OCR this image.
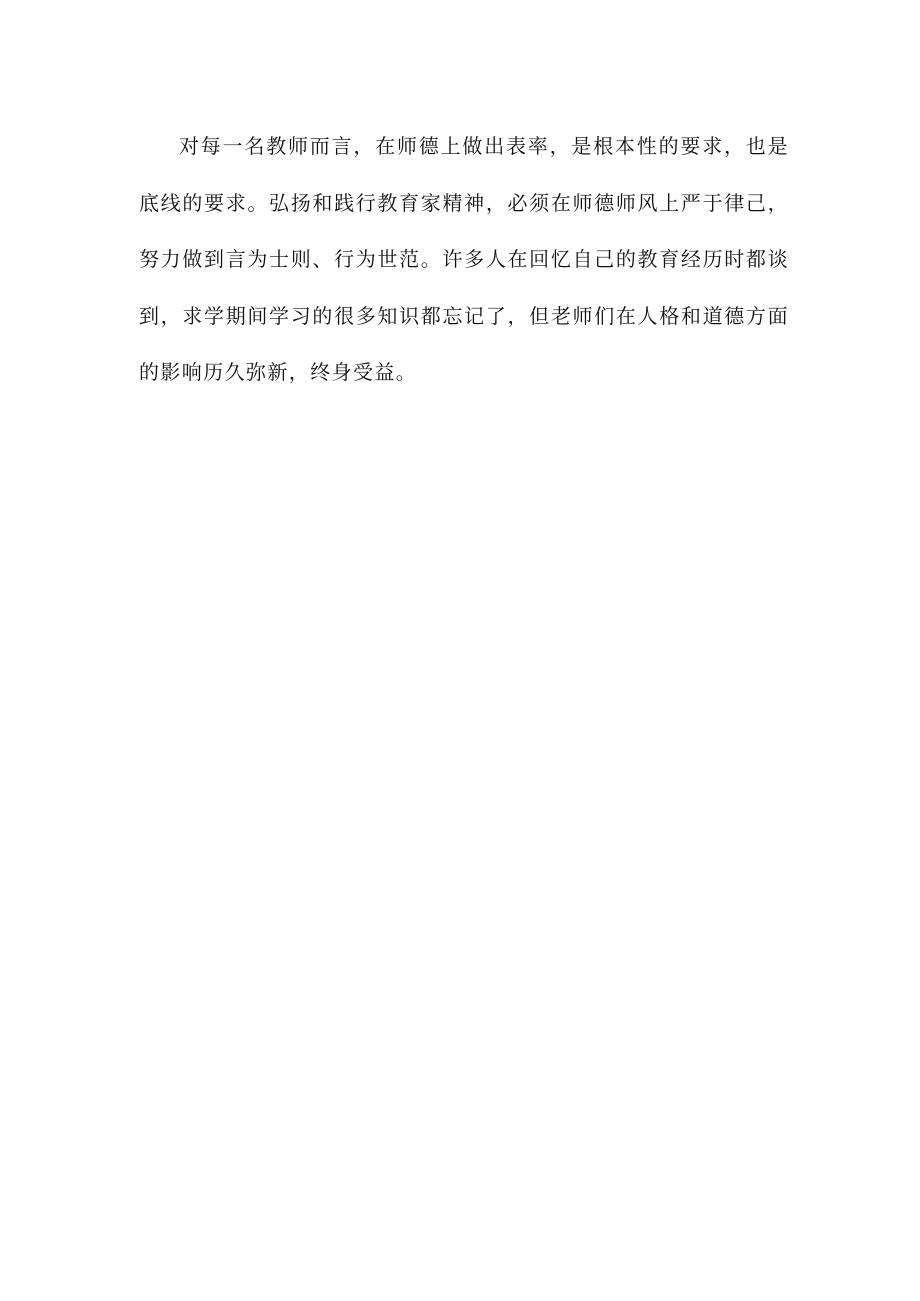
对每一名教师而言，在师德上做出表率，是根本性的要求，也是底线的要求。弘扬和践行教育家精神，必须在师德师风上严于律己，努力做到言为士则、行为世范。许多人在回忆自己的教育经历时都谈到，求学期间学习的很多知识都忘记了，但老师们在人格和道德方面的影响历久弥新，终身受益。
